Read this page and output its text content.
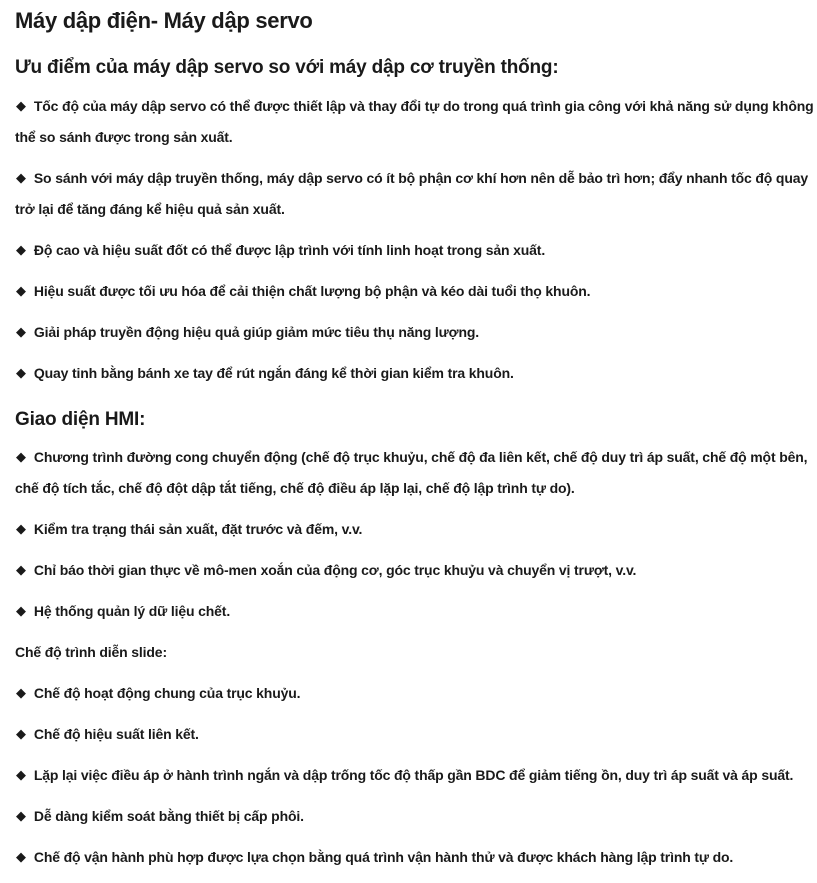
Máy dập điện- Máy dập servo
Ưu điểm của máy dập servo so với máy dập cơ truyền thống:
◆ Tốc độ của máy dập servo có thể được thiết lập và thay đổi tự do trong quá trình gia công với khả năng sử dụng không thể so sánh được trong sản xuất.
◆ So sánh với máy dập truyền thống, máy dập servo có ít bộ phận cơ khí hơn nên dễ bảo trì hơn; đẩy nhanh tốc độ quay trở lại để tăng đáng kể hiệu quả sản xuất.
◆ Độ cao và hiệu suất đốt có thể được lập trình với tính linh hoạt trong sản xuất.
◆ Hiệu suất được tối ưu hóa để cải thiện chất lượng bộ phận và kéo dài tuổi thọ khuôn.
◆ Giải pháp truyền động hiệu quả giúp giảm mức tiêu thụ năng lượng.
◆ Quay tinh bằng bánh xe tay để rút ngắn đáng kể thời gian kiểm tra khuôn.
Giao diện HMI:
◆ Chương trình đường cong chuyển động (chế độ trục khuỷu, chế độ đa liên kết, chế độ duy trì áp suất, chế độ một bên, chế độ tích tắc, chế độ đột dập tắt tiếng, chế độ điều áp lặp lại, chế độ lập trình tự do).
◆ Kiểm tra trạng thái sản xuất, đặt trước và đếm, v.v.
◆ Chỉ báo thời gian thực về mô-men xoắn của động cơ, góc trục khuỷu và chuyển vị trượt, v.v.
◆ Hệ thống quản lý dữ liệu chết.

Chế độ trình diễn slide:

◆ Chế độ hoạt động chung của trục khuỷu.
◆ Chế độ hiệu suất liên kết.
◆ Lặp lại việc điều áp ở hành trình ngắn và dập trống tốc độ thấp gần BDC để giảm tiếng ồn, duy trì áp suất và áp suất.
◆ Dễ dàng kiểm soát bằng thiết bị cấp phôi.
◆ Chế độ vận hành phù hợp được lựa chọn bằng quá trình vận hành thử và được khách hàng lập trình tự do.
